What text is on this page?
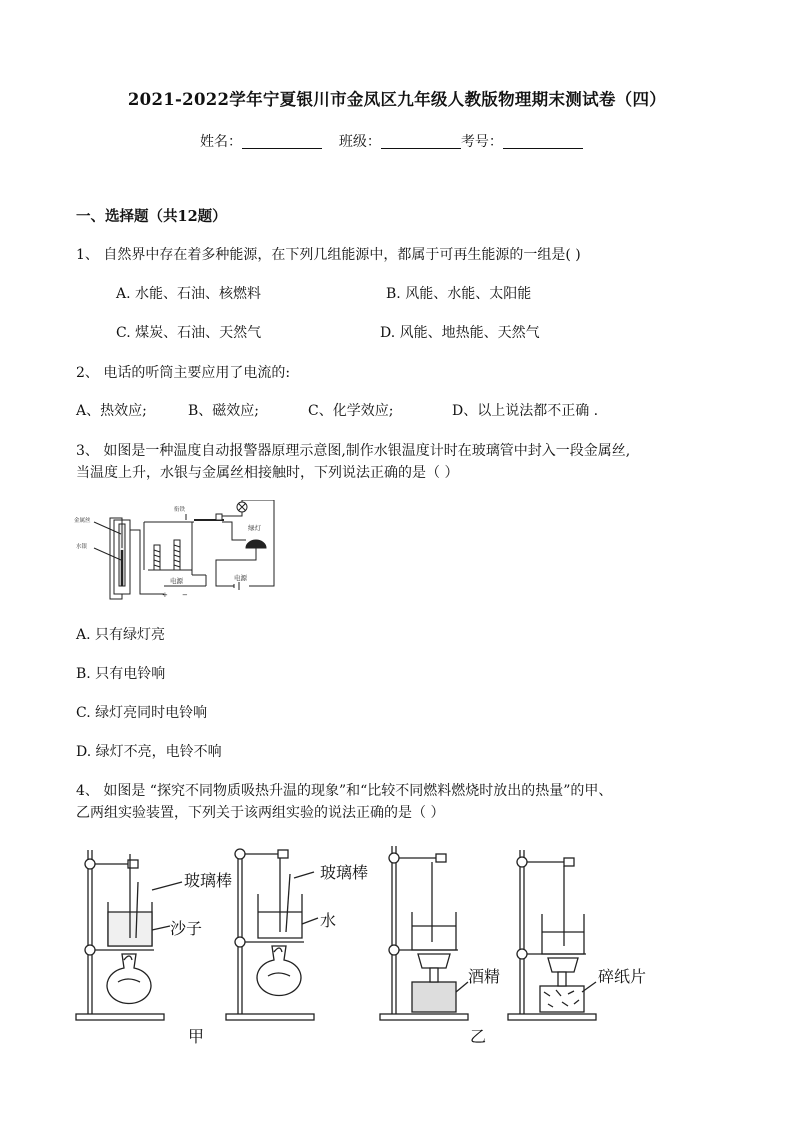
2021-2022学年宁夏银川市金凤区九年级人教版物理期末测试卷（四）
姓名：	班级：	考号：
一、选择题（共12题）
1、 自然界中存在着多种能源，在下列几组能源中，都属于可再生能源的一组是( )
A. 水能、石油、核燃料	B. 风能、水能、太阳能
C. 煤炭、石油、天然气	D. 风能、地热能、天然气
2、 电话的听筒主要应用了电流的:
A、热效应;	B、磁效应;	C、化学效应;	D、以上说法都不正确 .
3、 如图是一种温度自动报警器原理示意图,制作水银温度计时在玻璃管中封入一段金属丝,
当温度上升，水银与金属丝相接触时，下列说法正确的是（ ）
金属丝
水银
衔铁
绿灯
电源	电源
+ −
A. 只有绿灯亮
B. 只有电铃响
C. 绿灯亮同时电铃响
D. 绿灯不亮，电铃不响
4、 如图是 “探究不同物质吸热升温的现象”和“比较不同燃料燃烧时放出的热量”的甲、
乙两组实验装置，下列关于该两组实验的说法正确的是（ ）
玻璃棒
沙子
玻璃棒
水
酒精	碎纸片
甲	乙
